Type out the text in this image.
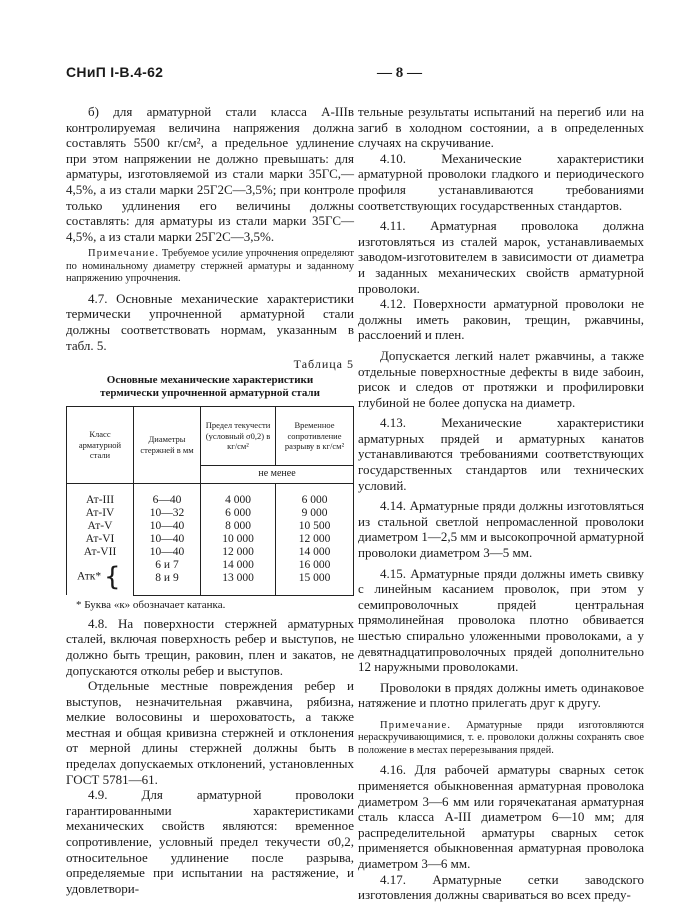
СНиП I-В.4-62	— 8 —

б) для арматурной стали класса А-IIIв контролируемая величина напряжения должна составлять 5500 кг/см², а предельное удлинение при этом напряжении не должно превышать: для арматуры, изготовляемой из стали марки 35ГС,—4,5%, а из стали марки 25Г2С—3,5%; при контроле только удлинения его величины должны составлять: для арматуры из стали марки 35ГС—4,5%, а из стали марки 25Г2С—3,5%.

Примечание. Требуемое усилие упрочнения определяют по номинальному диаметру стержней арматуры и заданному напряжению упрочнения.

4.7. Основные механические характеристики термически упрочненной арматурной стали должны соответствовать нормам, указанным в табл. 5.

Таблица 5
Основные механические характеристики термически упрочненной арматурной стали
Класс арматурной стали	Диаметры стержней в мм	Предел текучести (условный σ0,2) в кг/см²	Временное сопротивление разрыву в кг/см²
		не менее	
Ат-III	6—40	4 000	6 000
Ат-IV	10—32	6 000	9 000
Ат-V	10—40	8 000	10 500
Ат-VI	10—40	10 000	12 000
Ат-VII	10—40	12 000	14 000
Атк* {	6 и 7	14 000	16 000
	8 и 9	13 000	15 000
* Буква «к» обозначает катанка.

4.8. На поверхности стержней арматурных сталей, включая поверхность ребер и выступов, не должно быть трещин, раковин, плен и закатов, не допускаются отколы ребер и выступов.

Отдельные местные повреждения ребер и выступов, незначительная ржавчина, рябизна, мелкие волосовины и шероховатость, а также местная и общая кривизна стержней и отклонения от мерной длины стержней должны быть в пределах допускаемых отклонений, установленных ГОСТ 5781—61.

4.9. Для арматурной проволоки гарантированными характеристиками механических свойств являются: временное сопротивление, условный предел текучести σ0,2, относительное удлинение после разрыва, определяемые при испытании на растяжение, и удовлетвори-

тельные результаты испытаний на перегиб или на загиб в холодном состоянии, а в определенных случаях на скручивание.

4.10. Механические характеристики арматурной проволоки гладкого и периодического профиля устанавливаются требованиями соответствующих государственных стандартов.

4.11. Арматурная проволока должна изготовляться из сталей марок, устанавливаемых заводом-изготовителем в зависимости от диаметра и заданных механических свойств арматурной проволоки.

4.12. Поверхности арматурной проволоки не должны иметь раковин, трещин, ржавчины, расслоений и плен.

Допускается легкий налет ржавчины, а также отдельные поверхностные дефекты в виде забоин, рисок и следов от протяжки и профилировки глубиной не более допуска на диаметр.

4.13. Механические характеристики арматурных прядей и арматурных канатов устанавливаются требованиями соответствующих государственных стандартов или технических условий.

4.14. Арматурные пряди должны изготовляться из стальной светлой непромасленной проволоки диаметром 1—2,5 мм и высокопрочной арматурной проволоки диаметром 3—5 мм.

4.15. Арматурные пряди должны иметь свивку с линейным касанием проволок, при этом у семипроволочных прядей центральная прямолинейная проволока плотно обвивается шестью спирально уложенными проволоками, а у девятнадцатипроволочных прядей дополнительно 12 наружными проволоками.

Проволоки в прядях должны иметь одинаковое натяжение и плотно прилегать друг к другу.

Примечание. Арматурные пряди изготовляются нераскручивающимися, т. е. проволоки должны сохранять свое положение в местах перерезывания прядей.

4.16. Для рабочей арматуры сварных сеток применяется обыкновенная арматурная проволока диаметром 3—6 мм или горячекатаная арматурная сталь класса А-III диаметром 6—10 мм; для распределительной арматуры сварных сеток применяется обыкновенная арматурная проволока диаметром 3—6 мм.

4.17. Арматурные сетки заводского изготовления должны свариваться во всех преду-
